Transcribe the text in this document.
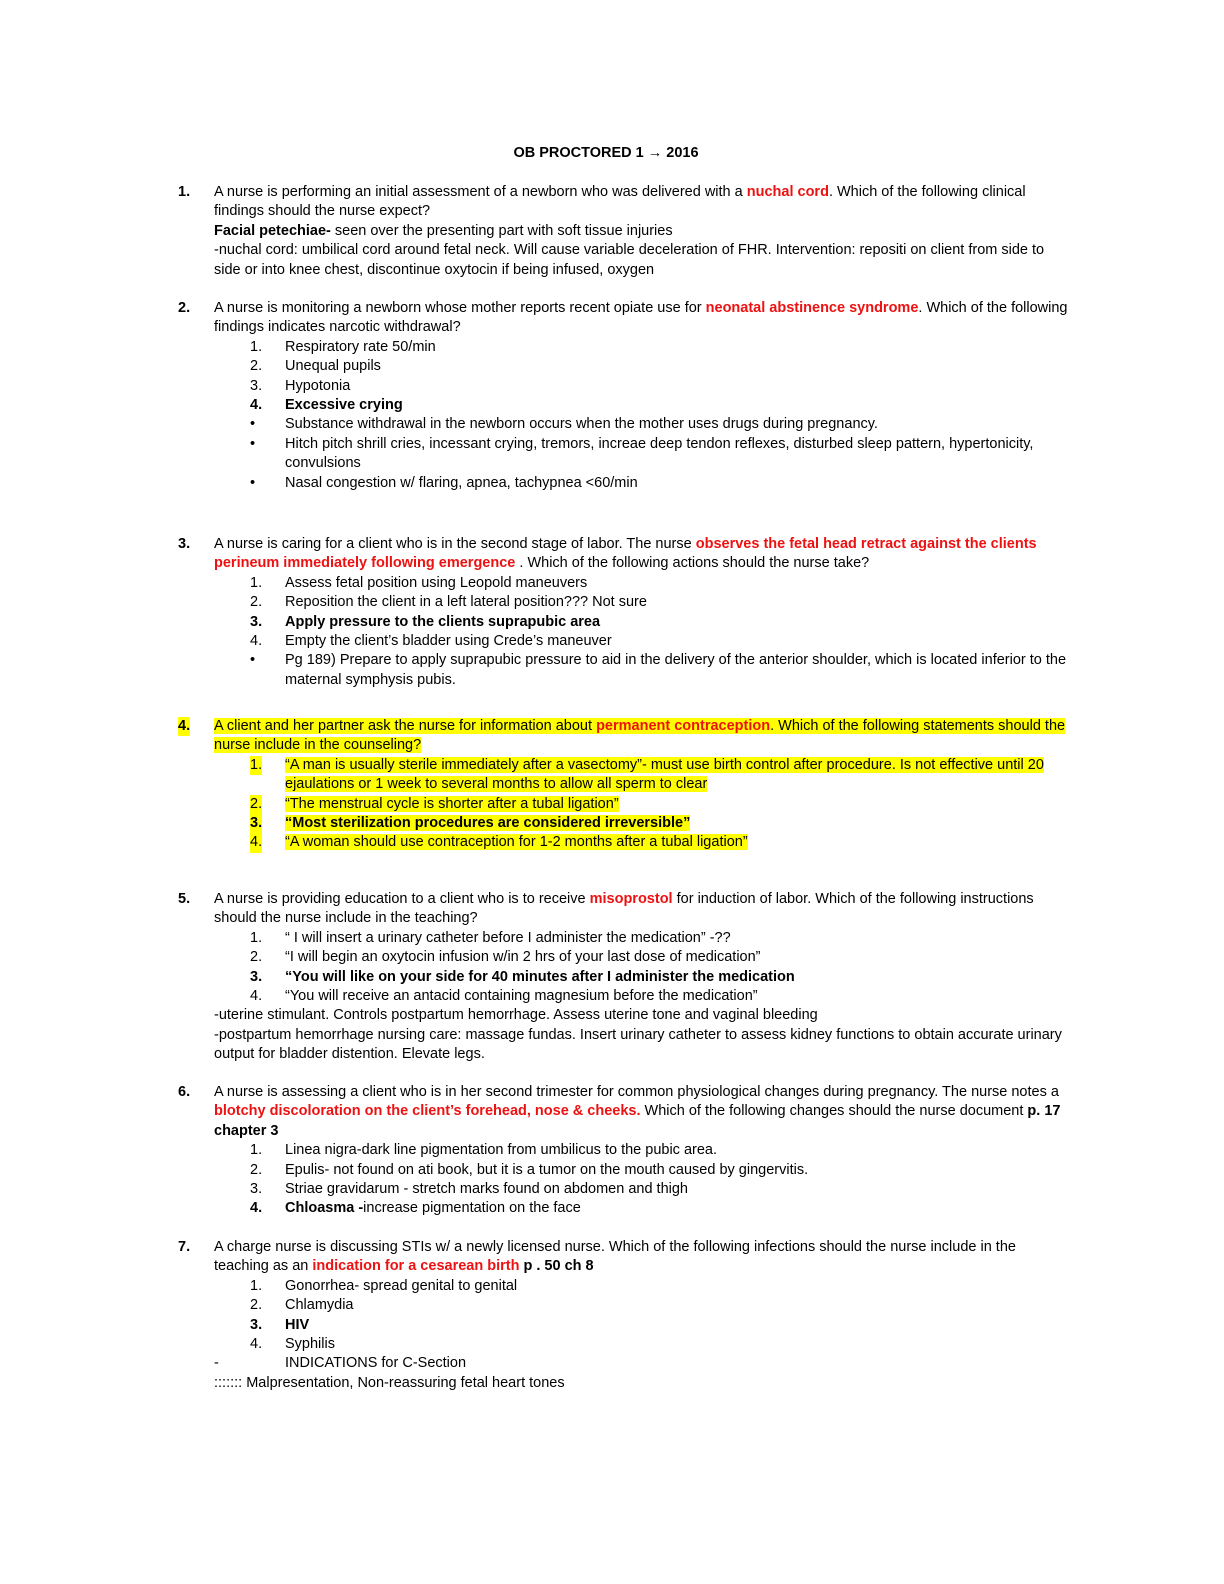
OB PROCTORED 1 → 2016
1. A nurse is performing an initial assessment of a newborn who was delivered with a nuchal cord. Which of the following clinical findings should the nurse expect?
Facial petechiae- seen over the presenting part with soft tissue injuries
-nuchal cord: umbilical cord around fetal neck. Will cause variable deceleration of FHR. Intervention: repositi on client from side to side or into knee chest, discontinue oxytocin if being infused, oxygen
2. A nurse is monitoring a newborn whose mother reports recent opiate use for neonatal abstinence syndrome. Which of the following findings indicates narcotic withdrawal?
1. Respiratory rate 50/min
2. Unequal pupils
3. Hypotonia
4. Excessive crying
• Substance withdrawal in the newborn occurs when the mother uses drugs during pregnancy.
• Hitch pitch shrill cries, incessant crying, tremors, increae deep tendon reflexes, disturbed sleep pattern, hypertonicity, convulsions
• Nasal congestion w/ flaring, apnea, tachypnea <60/min
3. A nurse is caring for a client who is in the second stage of labor. The nurse observes the fetal head retract against the clients perineum immediately following emergence . Which of the following actions should the nurse take?
1. Assess fetal position using Leopold maneuvers
2. Reposition the client in a left lateral position??? Not sure
3. Apply pressure to the clients suprapubic area
4. Empty the client’s bladder using Crede’s maneuver
• Pg 189) Prepare to apply suprapubic pressure to aid in the delivery of the anterior shoulder, which is located inferior to the maternal symphysis pubis.
4. A client and her partner ask the nurse for information about permanent contraception. Which of the following statements should the nurse include in the counseling?
1. “A man is usually sterile immediately after a vasectomy”- must use birth control after procedure. Is not effective until 20 ejaulations or 1 week to several months to allow all sperm to clear
2. “The menstrual cycle is shorter after a tubal ligation”
3. “Most sterilization procedures are considered irreversible”
4. “A woman should use contraception for 1-2 months after a tubal ligation”
5. A nurse is providing education to a client who is to receive misoprostol for induction of labor. Which of the following instructions should the nurse include in the teaching?
1. “ I will insert a urinary catheter before I administer the medication” -??
2. “I will begin an oxytocin infusion w/in 2 hrs of your last dose of medication”
3. “You will like on your side for 40 minutes after I administer the medication
4. “You will receive an antacid containing magnesium before the medication”
-uterine stimulant. Controls postpartum hemorrhage. Assess uterine tone and vaginal bleeding
-postpartum hemorrhage nursing care: massage fundas. Insert urinary catheter to assess kidney functions to obtain accurate urinary output for bladder distention. Elevate legs.
6. A nurse is assessing a client who is in her second trimester for common physiological changes during pregnancy. The nurse notes a blotchy discoloration on the client’s forehead, nose & cheeks. Which of the following changes should the nurse document p. 17 chapter 3
1. Linea nigra-dark line pigmentation from umbilicus to the pubic area.
2. Epulis- not found on ati book, but it is a tumor on the mouth caused by gingervitis.
3. Striae gravidarum - stretch marks found on abdomen and thigh
4. Chloasma -increase pigmentation on the face
7. A charge nurse is discussing STIs w/ a newly licensed nurse. Which of the following infections should the nurse include in the teaching as an indication for a cesarean birth p . 50 ch 8
1. Gonorrhea- spread genital to genital
2. Chlamydia
3. HIV
4. Syphilis
-	INDICATIONS for C-Section
::::::: Malpresentation, Non-reassuring fetal heart tones
